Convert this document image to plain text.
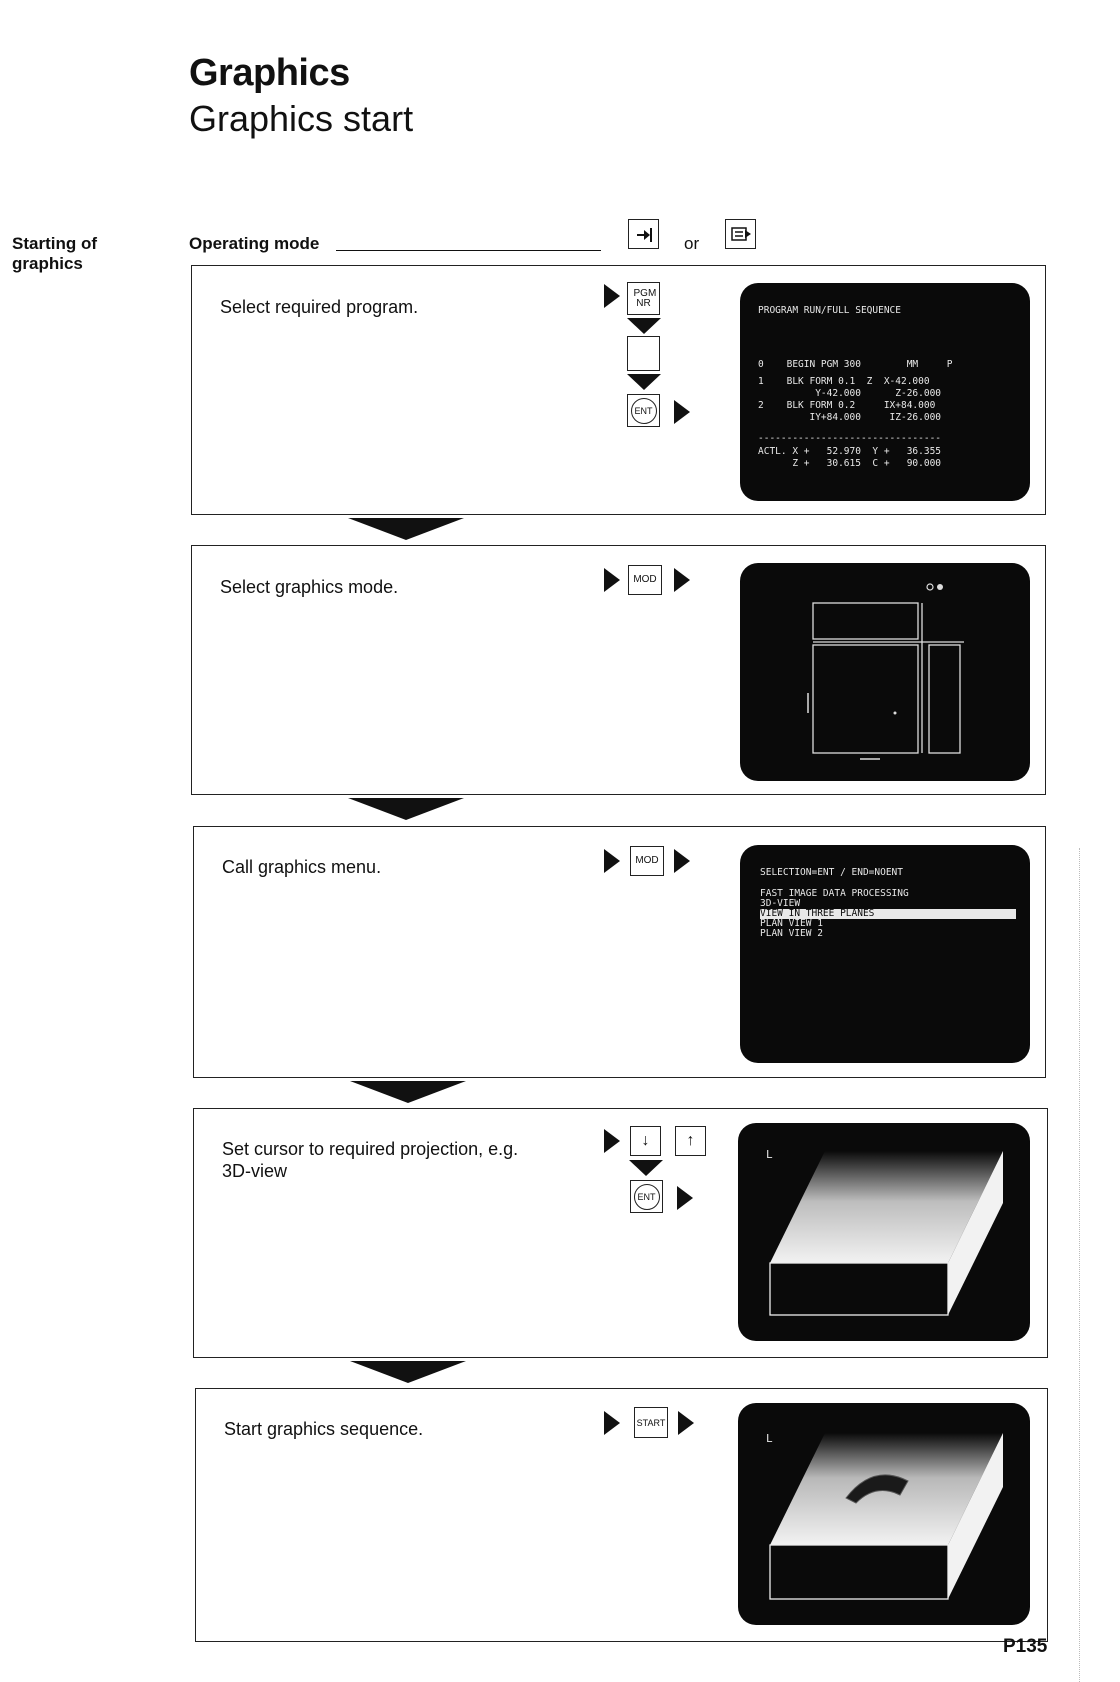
Graphics
Graphics start
Starting of graphics
Operating mode	or
Select required program.
PGM NR
ENT
PROGRAM RUN/FULL SEQUENCE
0    BEGIN PGM 300        MM     P
1    BLK FORM 0.1  Z  X-42.000
Y-42.000      Z-26.000
2    BLK FORM 0.2     IX+84.000
IY+84.000     IZ-26.000
--------------------------------
ACTL. X +   52.970  Y +   36.355
Z +   30.615  C +   90.000
Select graphics mode.	MOD
Call graphics menu.	MOD
SELECTION=ENT / END=NOENT
FAST IMAGE DATA PROCESSING
3D-VIEW
VIEW IN THREE PLANES
PLAN VIEW 1
PLAN VIEW 2
Set cursor to required projection, e.g. 3D-view
↓ ↑
ENT
L
Start graphics sequence.	START
L
P135
